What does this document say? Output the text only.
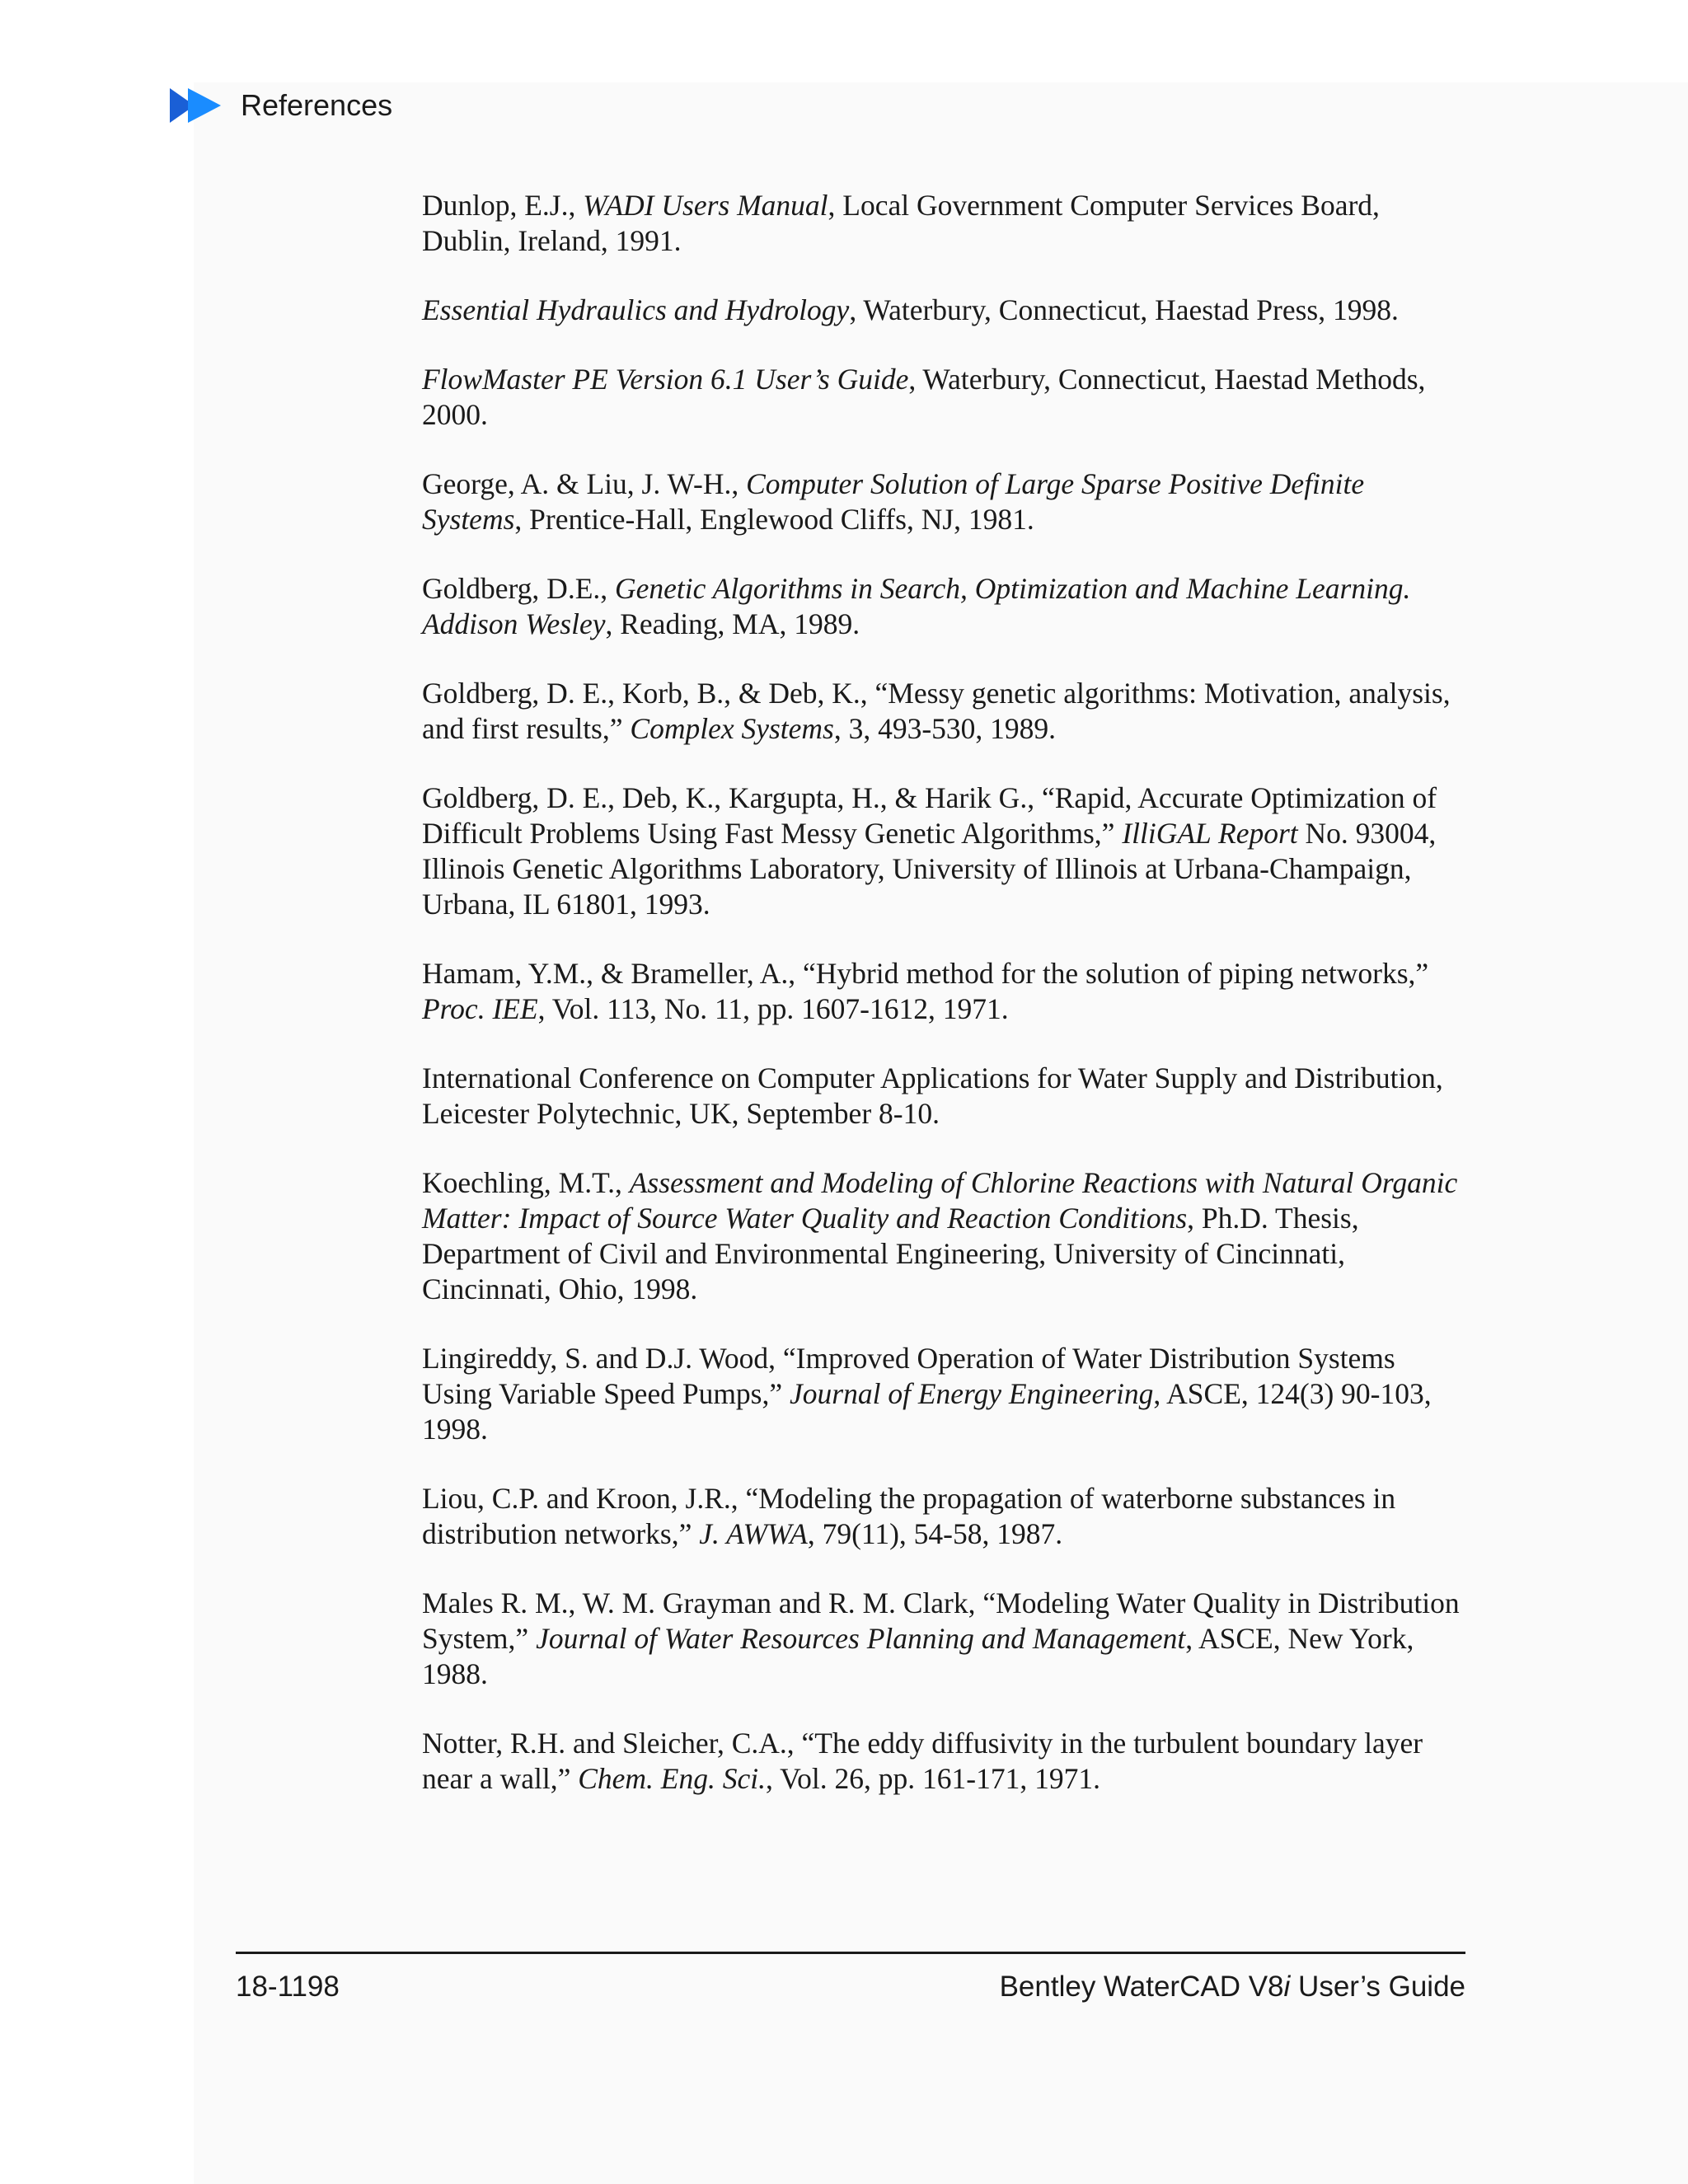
References

Dunlop, E.J., WADI Users Manual, Local Government Computer Services Board, Dublin, Ireland, 1991.

Essential Hydraulics and Hydrology, Waterbury, Connecticut, Haestad Press, 1998.

FlowMaster PE Version 6.1 User’s Guide, Waterbury, Connecticut, Haestad Methods, 2000.

George, A. & Liu, J. W-H., Computer Solution of Large Sparse Positive Definite Systems, Prentice-Hall, Englewood Cliffs, NJ, 1981.

Goldberg, D.E., Genetic Algorithms in Search, Optimization and Machine Learning. Addison Wesley, Reading, MA, 1989.

Goldberg, D. E., Korb, B., & Deb, K., “Messy genetic algorithms: Motivation, analysis, and first results,” Complex Systems, 3, 493-530, 1989.

Goldberg, D. E., Deb, K., Kargupta, H., & Harik G., “Rapid, Accurate Optimization of Difficult Problems Using Fast Messy Genetic Algorithms,” IlliGAL Report No. 93004, Illinois Genetic Algorithms Laboratory, University of Illinois at Urbana-Champaign, Urbana, IL 61801, 1993.

Hamam, Y.M., & Brameller, A., “Hybrid method for the solution of piping networks,” Proc. IEE, Vol. 113, No. 11, pp. 1607-1612, 1971.

International Conference on Computer Applications for Water Supply and Distribution, Leicester Polytechnic, UK, September 8-10.

Koechling, M.T., Assessment and Modeling of Chlorine Reactions with Natural Organic Matter: Impact of Source Water Quality and Reaction Conditions, Ph.D. Thesis, Department of Civil and Environmental Engineering, University of Cincinnati, Cincinnati, Ohio, 1998.

Lingireddy, S. and D.J. Wood, “Improved Operation of Water Distribution Systems Using Variable Speed Pumps,” Journal of Energy Engineering, ASCE, 124(3) 90-103, 1998.

Liou, C.P. and Kroon, J.R., “Modeling the propagation of waterborne substances in distribution networks,” J. AWWA, 79(11), 54-58, 1987.

Males R. M., W. M. Grayman and R. M. Clark, “Modeling Water Quality in Distribution System,” Journal of Water Resources Planning and Management, ASCE, New York, 1988.

Notter, R.H. and Sleicher, C.A., “The eddy diffusivity in the turbulent boundary layer near a wall,” Chem. Eng. Sci., Vol. 26, pp. 161-171, 1971.

18-1198	Bentley WaterCAD V8i User’s Guide
